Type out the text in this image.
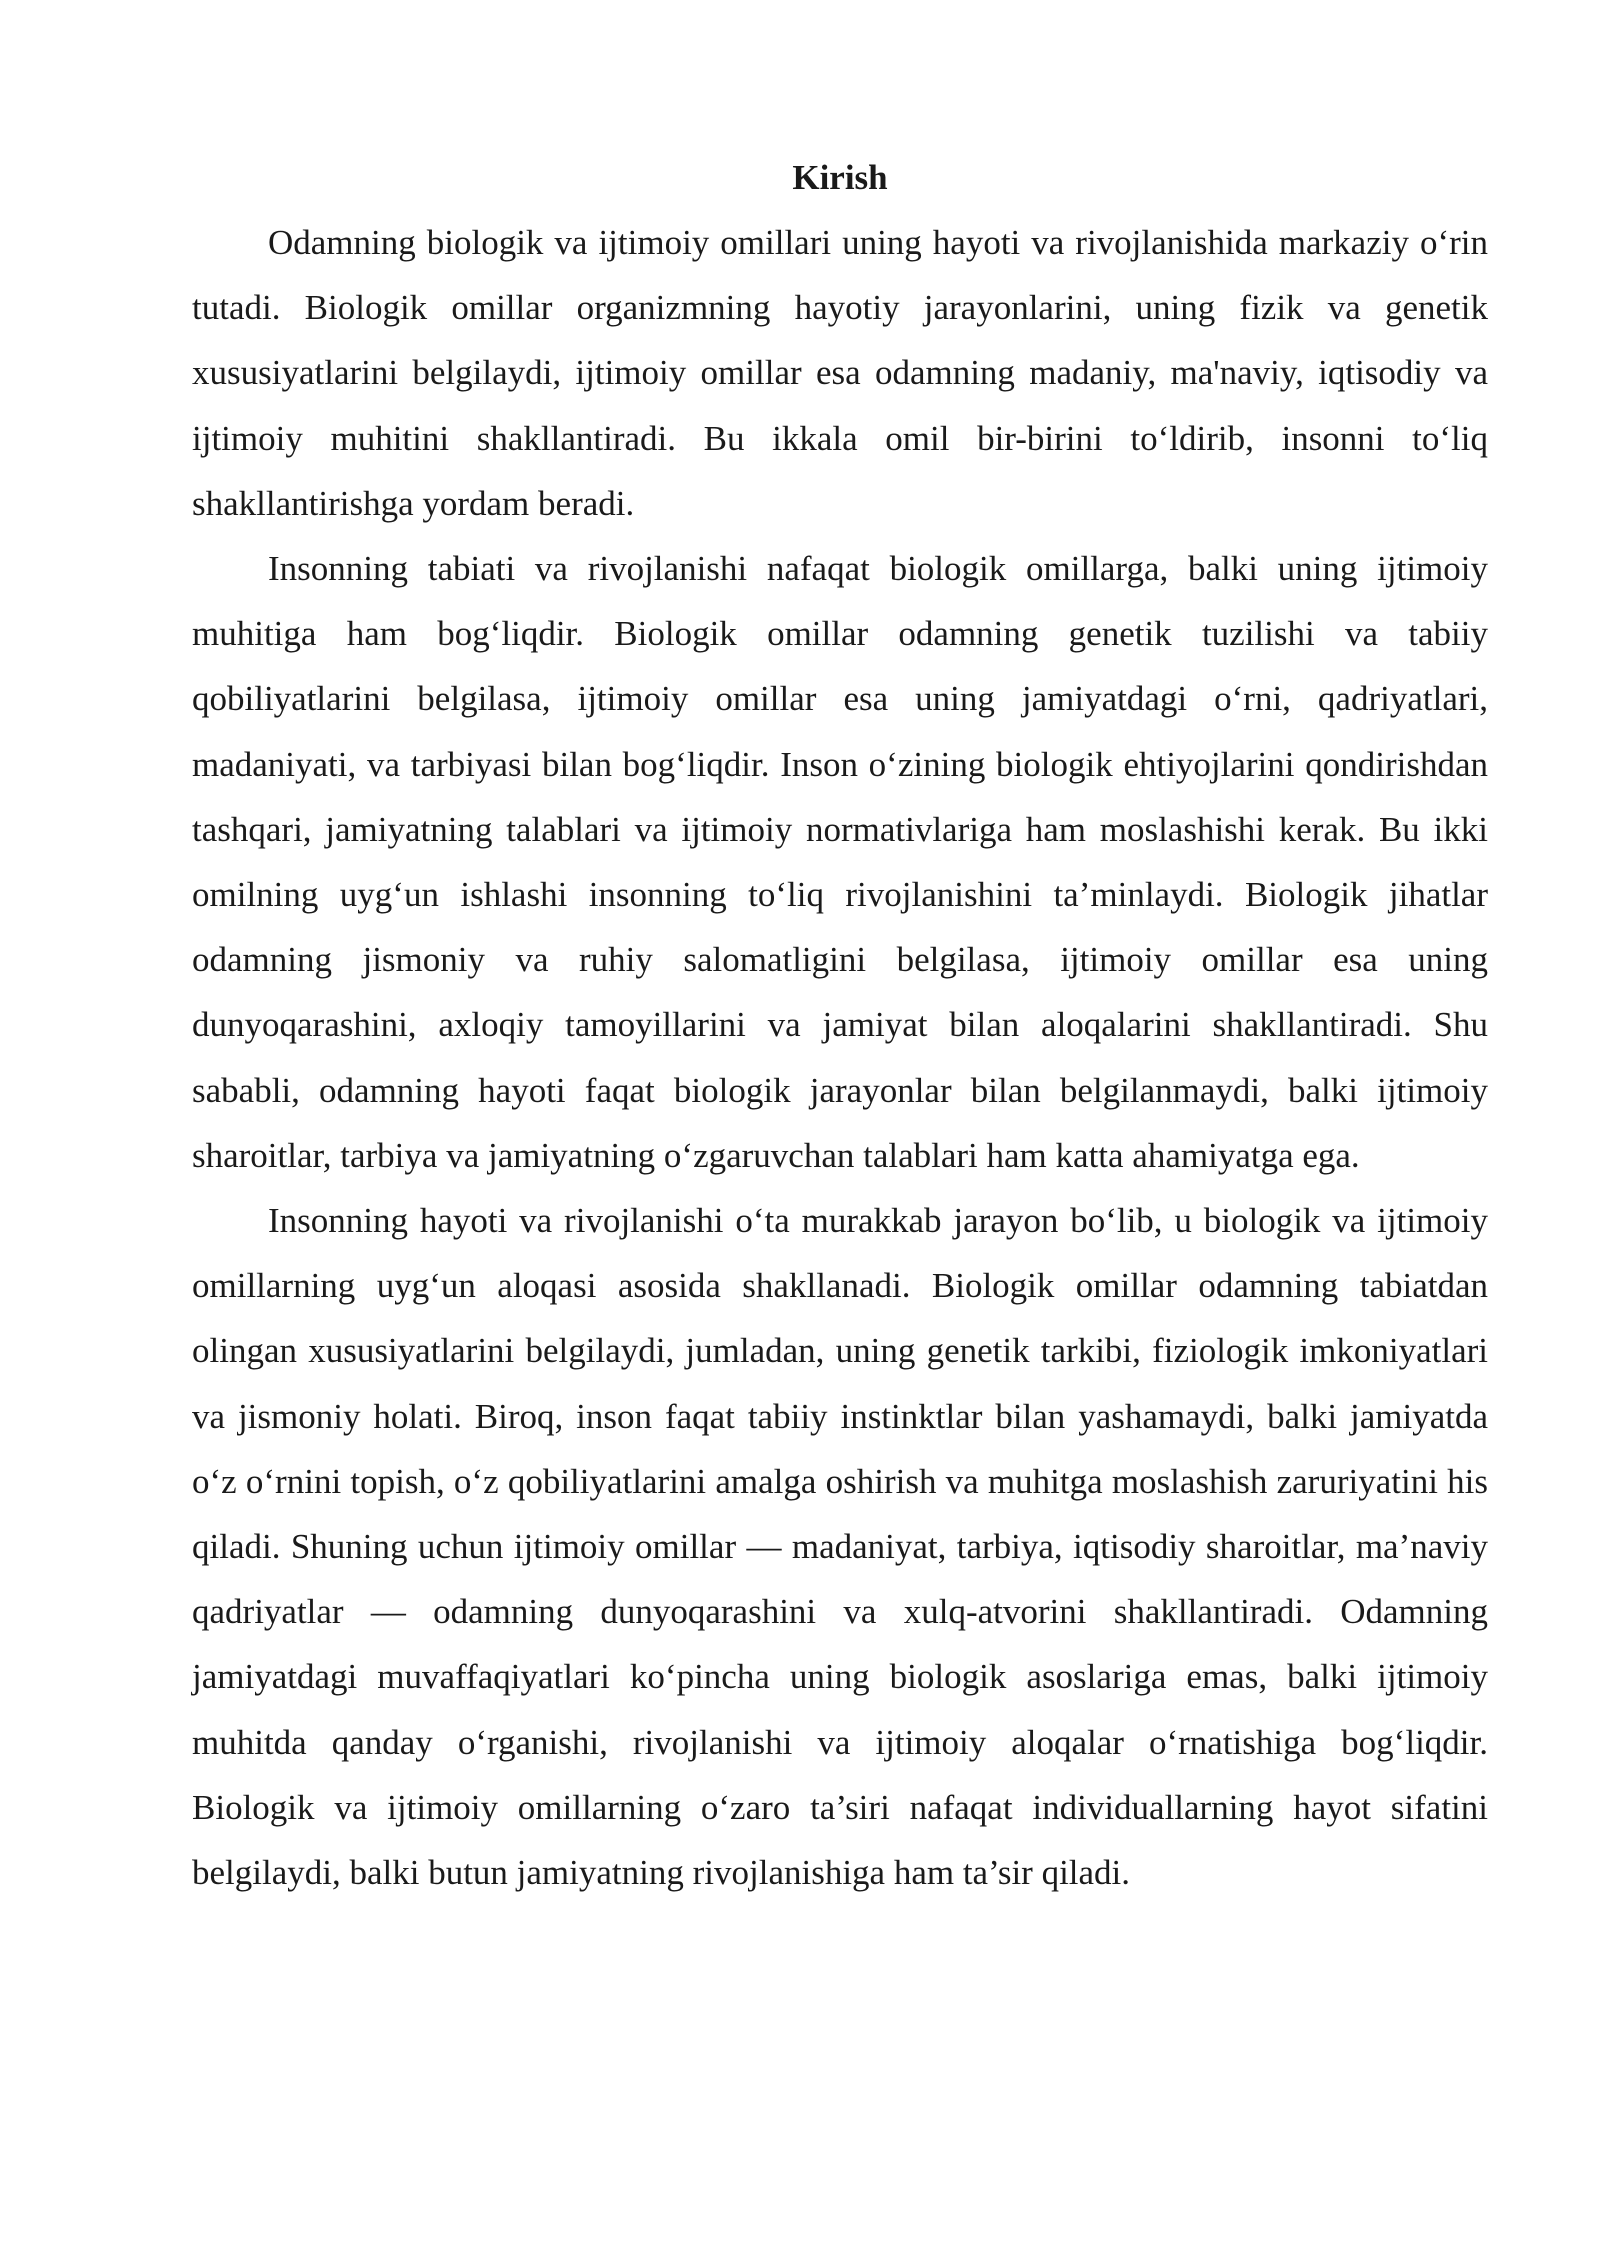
Kirish

Odamning biologik va ijtimoiy omillari uning hayoti va rivojlanishida markaziy o‘rin tutadi. Biologik omillar organizmning hayotiy jarayonlarini, uning fizik va genetik xususiyatlarini belgilaydi, ijtimoiy omillar esa odamning madaniy, ma'naviy, iqtisodiy va ijtimoiy muhitini shakllantiradi. Bu ikkala omil bir-birini to‘ldirib, insonni to‘liq shakllantirishga yordam beradi.

Insonning tabiati va rivojlanishi nafaqat biologik omillarga, balki uning ijtimoiy muhitiga ham bog‘liqdir. Biologik omillar odamning genetik tuzilishi va tabiiy qobiliyatlarini belgilasa, ijtimoiy omillar esa uning jamiyatdagi o‘rni, qadriyatlari, madaniyati, va tarbiyasi bilan bog‘liqdir. Inson o‘zining biologik ehtiyojlarini qondirishdan tashqari, jamiyatning talablari va ijtimoiy normativlariga ham moslashishi kerak. Bu ikki omilning uyg‘un ishlashi insonning to‘liq rivojlanishini ta’minlaydi. Biologik jihatlar odamning jismoniy va ruhiy salomatligini belgilasa, ijtimoiy omillar esa uning dunyoqarashini, axloqiy tamoyillarini va jamiyat bilan aloqalarini shakllantiradi. Shu sababli, odamning hayoti faqat biologik jarayonlar bilan belgilanmaydi, balki ijtimoiy sharoitlar, tarbiya va jamiyatning o‘zgaruvchan talablari ham katta ahamiyatga ega.

Insonning hayoti va rivojlanishi o‘ta murakkab jarayon bo‘lib, u biologik va ijtimoiy omillarning uyg‘un aloqasi asosida shakllanadi. Biologik omillar odamning tabiatdan olingan xususiyatlarini belgilaydi, jumladan, uning genetik tarkibi, fiziologik imkoniyatlari va jismoniy holati. Biroq, inson faqat tabiiy instinktlar bilan yashamaydi, balki jamiyatda o‘z o‘rnini topish, o‘z qobiliyatlarini amalga oshirish va muhitga moslashish zaruriyatini his qiladi. Shuning uchun ijtimoiy omillar — madaniyat, tarbiya, iqtisodiy sharoitlar, ma’naviy qadriyatlar — odamning dunyoqarashini va xulq-atvorini shakllantiradi. Odamning jamiyatdagi muvaffaqiyatlari ko‘pincha uning biologik asoslariga emas, balki ijtimoiy muhitda qanday o‘rganishi, rivojlanishi va ijtimoiy aloqalar o‘rnatishiga bog‘liqdir. Biologik va ijtimoiy omillarning o‘zaro ta’siri nafaqat individuallarning hayot sifatini belgilaydi, balki butun jamiyatning rivojlanishiga ham ta’sir qiladi.
